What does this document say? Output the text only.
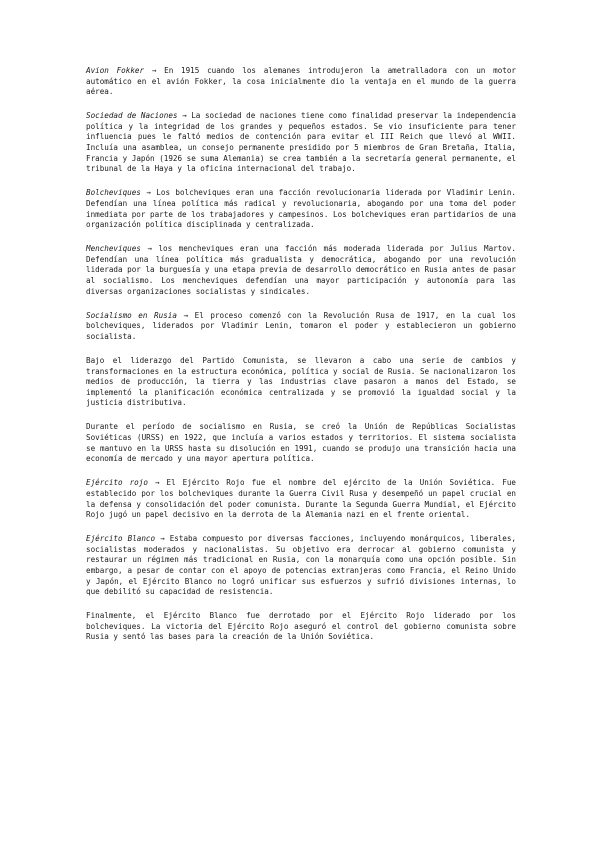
Avion Fokker → En 1915 cuando los alemanes introdujeron la ametralladora con un motor automático en el avión Fokker, la cosa inicialmente dio la ventaja en el mundo de la guerra aérea.

Sociedad de Naciones → La sociedad de naciones tiene como finalidad preservar la independencia política y la integridad de los grandes y pequeños estados. Se vio insuficiente para tener influencia pues le faltó medios de contención para evitar el III Reich que llevó al WWII. Incluía una asamblea, un consejo permanente presidido por 5 miembros de Gran Bretaña, Italia, Francia y Japón (1926 se suma Alemania) se crea también a la secretaría general permanente, el tribunal de la Haya y la oficina internacional del trabajo.

Bolcheviques → Los bolcheviques eran una facción revolucionaria liderada por Vladimir Lenin. Defendían una línea política más radical y revolucionaria, abogando por una toma del poder inmediata por parte de los trabajadores y campesinos. Los bolcheviques eran partidarios de una organización política disciplinada y centralizada.

Mencheviques → los mencheviques eran una facción más moderada liderada por Julius Martov. Defendían una línea política más gradualista y democrática, abogando por una revolución liderada por la burguesía y una etapa previa de desarrollo democrático en Rusia antes de pasar al socialismo. Los mencheviques defendían una mayor participación y autonomía para las diversas organizaciones socialistas y sindicales.

Socialismo en Rusia → El proceso comenzó con la Revolución Rusa de 1917, en la cual los bolcheviques, liderados por Vladimir Lenin, tomaron el poder y establecieron un gobierno socialista.

Bajo el liderazgo del Partido Comunista, se llevaron a cabo una serie de cambios y transformaciones en la estructura económica, política y social de Rusia. Se nacionalizaron los medios de producción, la tierra y las industrias clave pasaron a manos del Estado, se implementó la planificación económica centralizada y se promovió la igualdad social y la justicia distributiva.

Durante el período de socialismo en Rusia, se creó la Unión de Repúblicas Socialistas Soviéticas (URSS) en 1922, que incluía a varios estados y territorios. El sistema socialista se mantuvo en la URSS hasta su disolución en 1991, cuando se produjo una transición hacia una economía de mercado y una mayor apertura política.

Ejército rojo → El Ejército Rojo fue el nombre del ejército de la Unión Soviética. Fue establecido por los bolcheviques durante la Guerra Civil Rusa y desempeñó un papel crucial en la defensa y consolidación del poder comunista. Durante la Segunda Guerra Mundial, el Ejército Rojo jugó un papel decisivo en la derrota de la Alemania nazi en el frente oriental.

Ejército Blanco → Estaba compuesto por diversas facciones, incluyendo monárquicos, liberales, socialistas moderados y nacionalistas. Su objetivo era derrocar al gobierno comunista y restaurar un régimen más tradicional en Rusia, con la monarquía como una opción posible. Sin embargo, a pesar de contar con el apoyo de potencias extranjeras como Francia, el Reino Unido y Japón, el Ejército Blanco no logró unificar sus esfuerzos y sufrió divisiones internas, lo que debilitó su capacidad de resistencia.

Finalmente, el Ejército Blanco fue derrotado por el Ejército Rojo liderado por los bolcheviques. La victoria del Ejército Rojo aseguró el control del gobierno comunista sobre Rusia y sentó las bases para la creación de la Unión Soviética.
